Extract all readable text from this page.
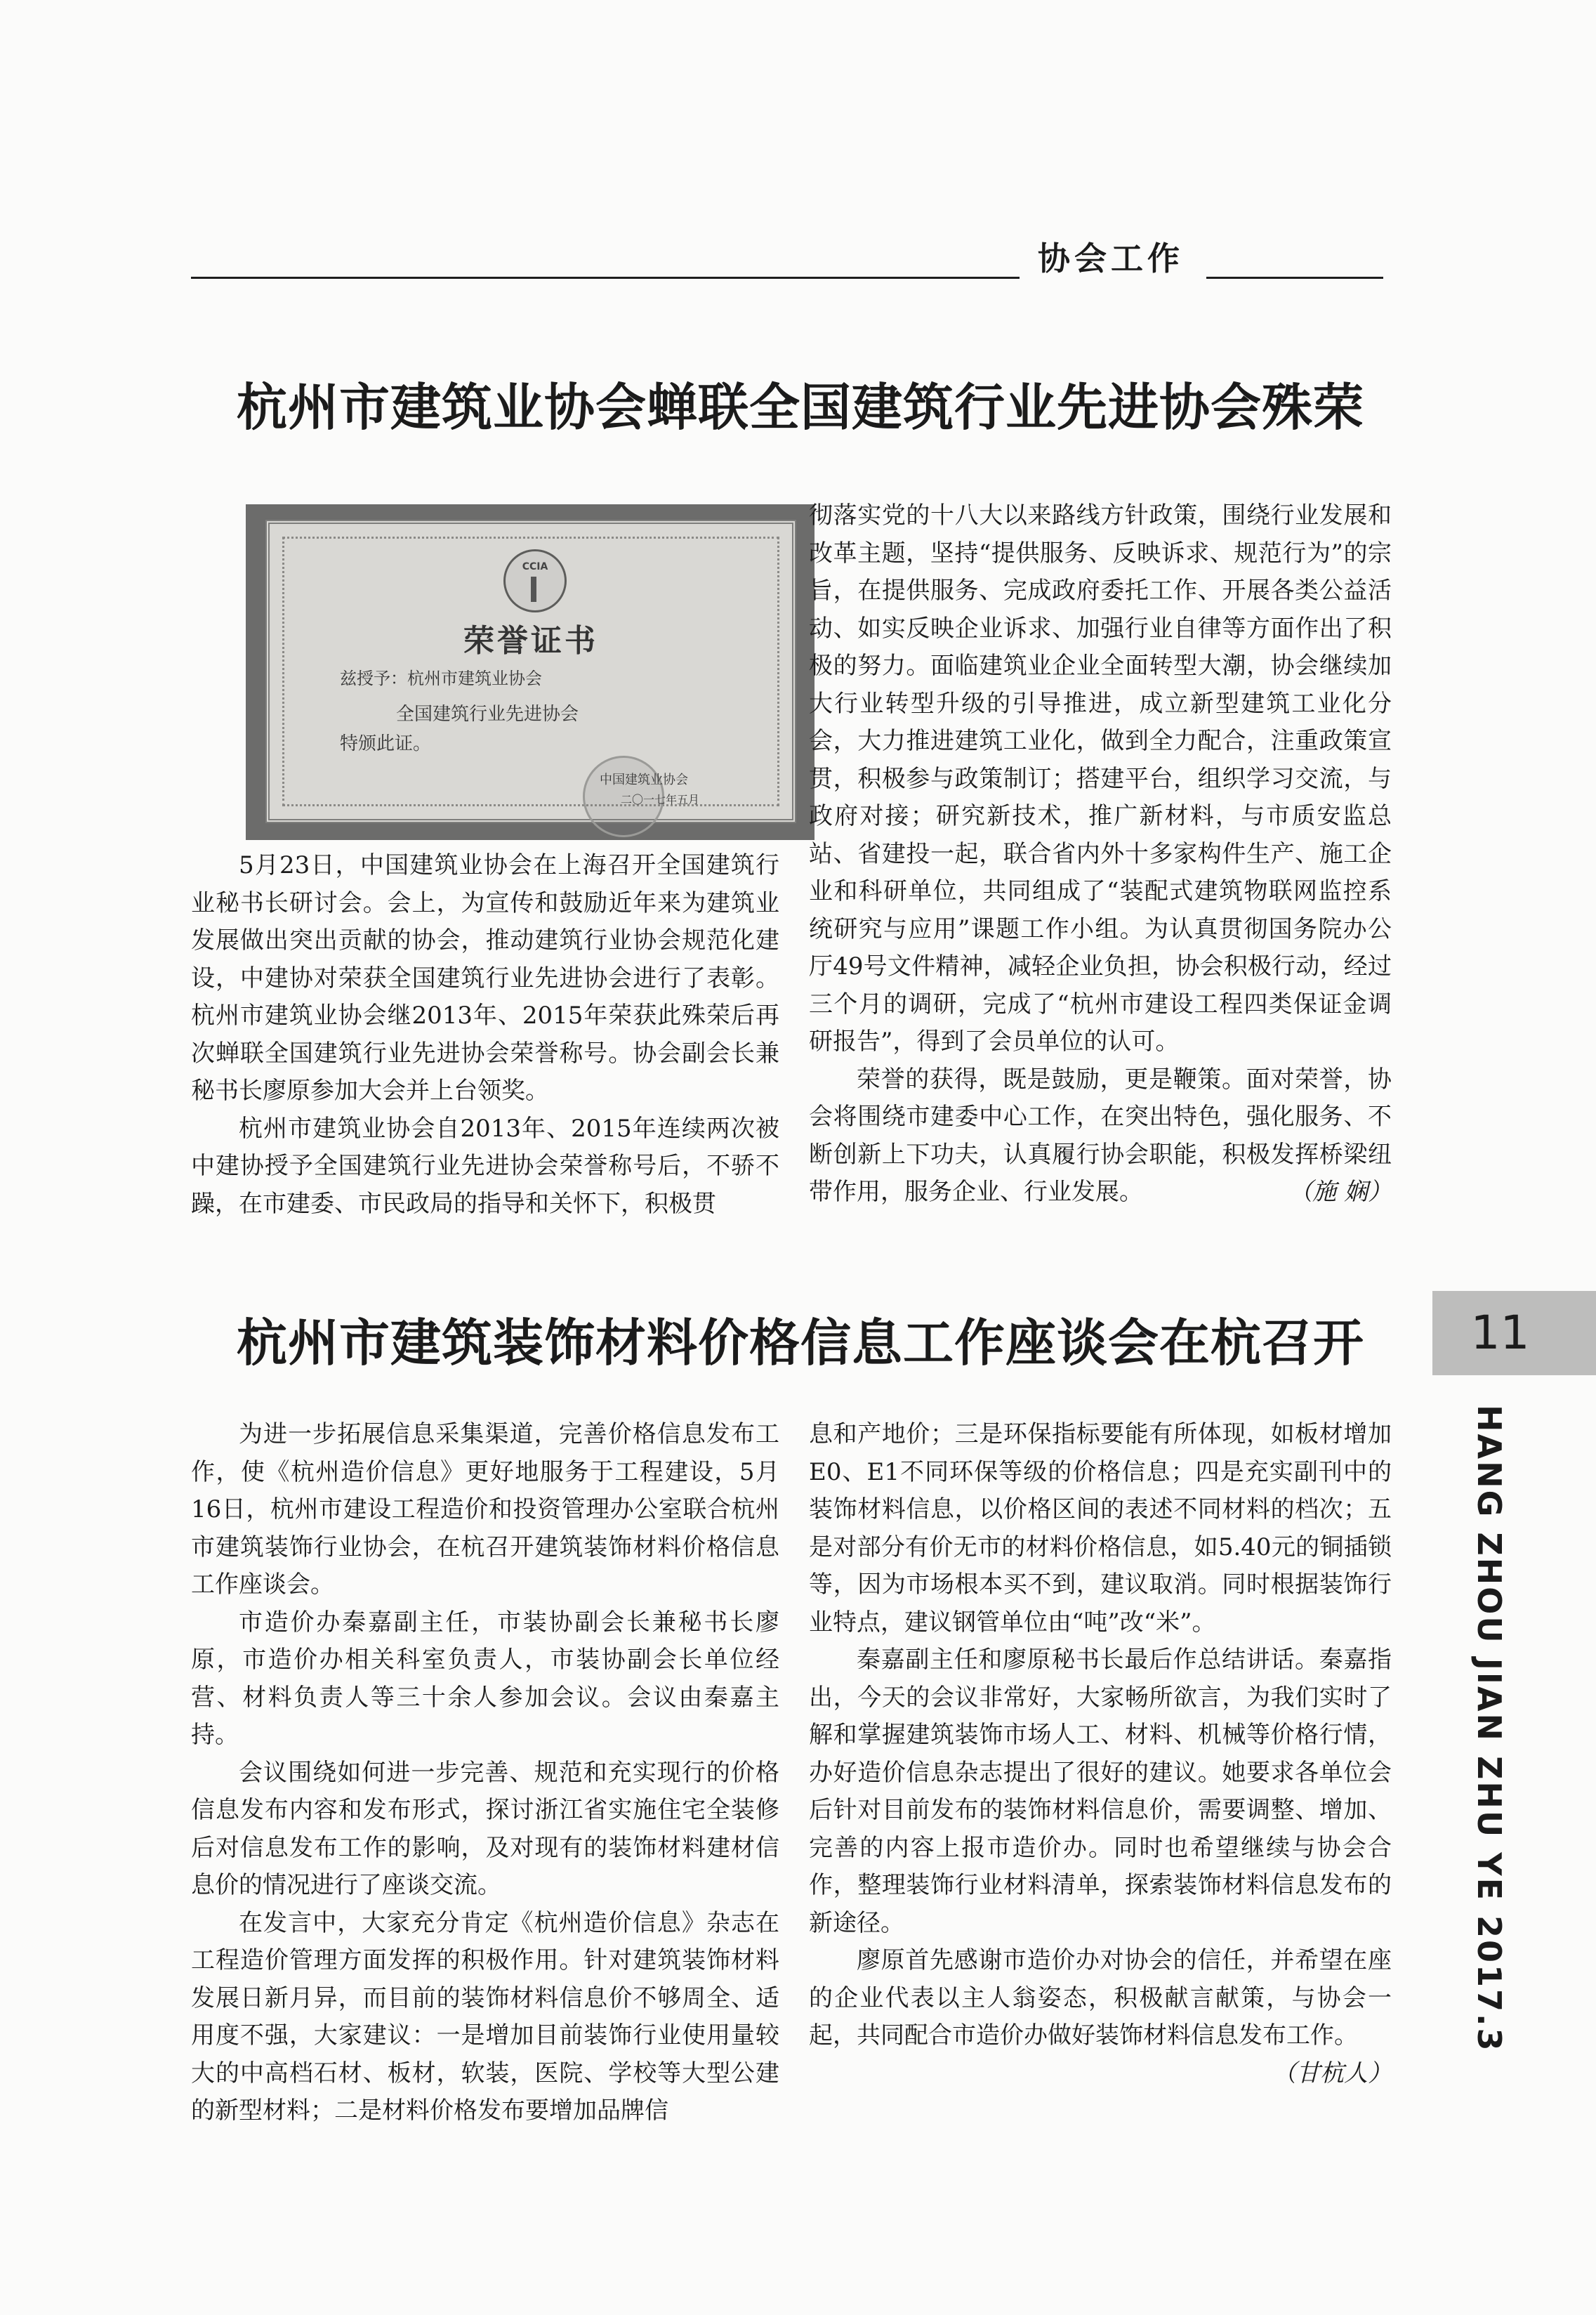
协会工作
杭州市建筑业协会蝉联全国建筑行业先进协会殊荣
CCIA
荣誉证书
兹授予：杭州市建筑业协会
全国建筑行业先进协会
特颁此证。
中国建筑业协会
二〇一七年五月

5月23日，中国建筑业协会在上海召开全国建筑行业秘书长研讨会。会上，为宣传和鼓励近年来为建筑业发展做出突出贡献的协会，推动建筑行业协会规范化建设，中建协对荣获全国建筑行业先进协会进行了表彰。杭州市建筑业协会继2013年、2015年荣获此殊荣后再次蝉联全国建筑行业先进协会荣誉称号。协会副会长兼秘书长廖原参加大会并上台领奖。

杭州市建筑业协会自2013年、2015年连续两次被中建协授予全国建筑行业先进协会荣誉称号后，不骄不躁，在市建委、市民政局的指导和关怀下，积极贯

彻落实党的十八大以来路线方针政策，围绕行业发展和改革主题，坚持“提供服务、反映诉求、规范行为”的宗旨，在提供服务、完成政府委托工作、开展各类公益活动、如实反映企业诉求、加强行业自律等方面作出了积极的努力。面临建筑业企业全面转型大潮，协会继续加大行业转型升级的引导推进，成立新型建筑工业化分会，大力推进建筑工业化，做到全力配合，注重政策宣贯，积极参与政策制订；搭建平台，组织学习交流，与政府对接；研究新技术，推广新材料，与市质安监总站、省建投一起，联合省内外十多家构件生产、施工企业和科研单位，共同组成了“装配式建筑物联网监控系统研究与应用”课题工作小组。为认真贯彻国务院办公厅49号文件精神，减轻企业负担，协会积极行动，经过三个月的调研，完成了“杭州市建设工程四类保证金调研报告”，得到了会员单位的认可。

荣誉的获得，既是鼓励，更是鞭策。面对荣誉，协会将围绕市建委中心工作，在突出特色，强化服务、不断创新上下功夫，认真履行协会职能，积极发挥桥梁纽带作用，服务企业、行业发展。	（施 娴）

杭州市建筑装饰材料价格信息工作座谈会在杭召开

为进一步拓展信息采集渠道，完善价格信息发布工作，使《杭州造价信息》更好地服务于工程建设，5月16日，杭州市建设工程造价和投资管理办公室联合杭州市建筑装饰行业协会，在杭召开建筑装饰材料价格信息工作座谈会。

市造价办秦嘉副主任，市装协副会长兼秘书长廖原，市造价办相关科室负责人，市装协副会长单位经营、材料负责人等三十余人参加会议。会议由秦嘉主持。

会议围绕如何进一步完善、规范和充实现行的价格信息发布内容和发布形式，探讨浙江省实施住宅全装修后对信息发布工作的影响，及对现有的装饰材料建材信息价的情况进行了座谈交流。

在发言中，大家充分肯定《杭州造价信息》杂志在工程造价管理方面发挥的积极作用。针对建筑装饰材料发展日新月异，而目前的装饰材料信息价不够周全、适用度不强，大家建议：一是增加目前装饰行业使用量较大的中高档石材、板材，软装，医院、学校等大型公建的新型材料；二是材料价格发布要增加品牌信

息和产地价；三是环保指标要能有所体现，如板材增加E0、E1不同环保等级的价格信息；四是充实副刊中的装饰材料信息，以价格区间的表述不同材料的档次；五是对部分有价无市的材料价格信息，如5.40元的铜插锁等，因为市场根本买不到，建议取消。同时根据装饰行业特点，建议钢管单位由“吨”改“米”。

秦嘉副主任和廖原秘书长最后作总结讲话。秦嘉指出，今天的会议非常好，大家畅所欲言，为我们实时了解和掌握建筑装饰市场人工、材料、机械等价格行情，办好造价信息杂志提出了很好的建议。她要求各单位会后针对目前发布的装饰材料信息价，需要调整、增加、完善的内容上报市造价办。同时也希望继续与协会合作，整理装饰行业材料清单，探索装饰材料信息发布的新途径。

廖原首先感谢市造价办对协会的信任，并希望在座的企业代表以主人翁姿态，积极献言献策，与协会一起，共同配合市造价办做好装饰材料信息发布工作。
（甘杭人）

11
HANG ZHOU JIAN ZHU YE 2017.3
